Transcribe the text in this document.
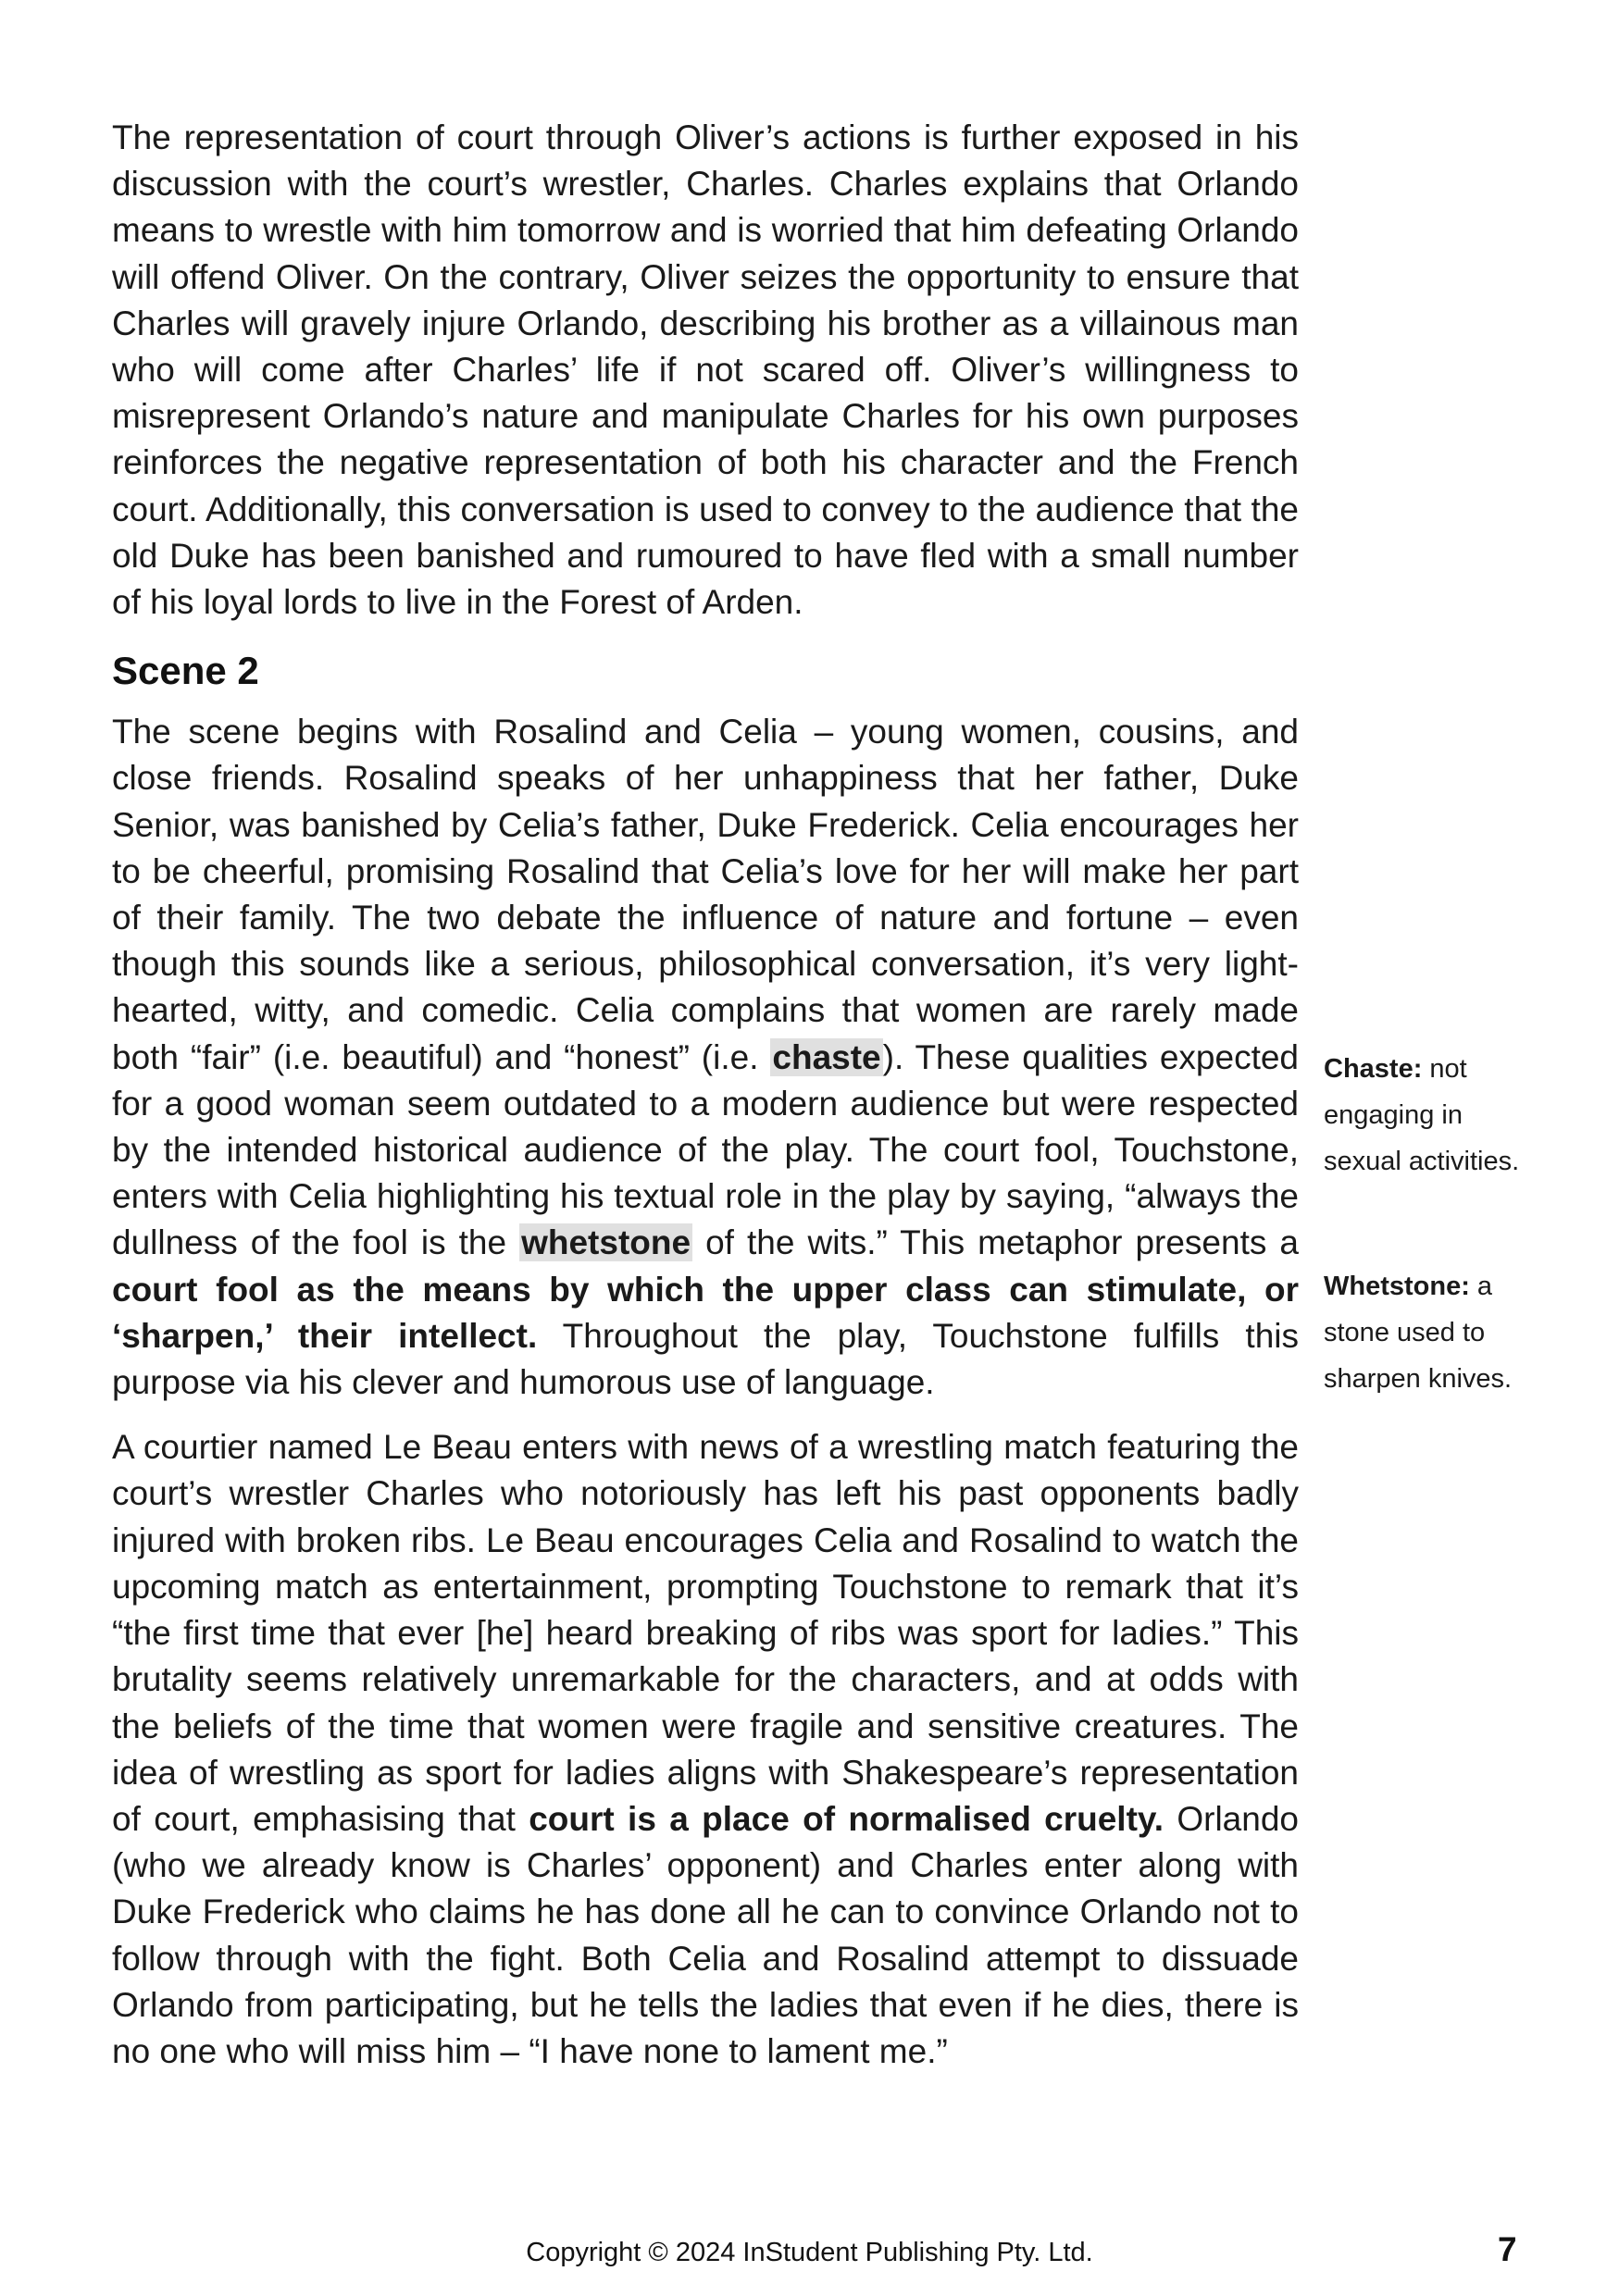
The representation of court through Oliver’s actions is further exposed in his discussion with the court’s wrestler, Charles. Charles explains that Orlando means to wrestle with him tomorrow and is worried that him defeating Orlando will offend Oliver. On the contrary, Oliver seizes the opportunity to ensure that Charles will gravely injure Orlando, describing his brother as a villainous man who will come after Charles’ life if not scared off. Oliver’s willingness to misrepresent Orlando’s nature and manipulate Charles for his own purposes reinforces the negative representation of both his character and the French court. Additionally, this conversation is used to convey to the audience that the old Duke has been banished and rumoured to have fled with a small number of his loyal lords to live in the Forest of Arden.

Scene 2

The scene begins with Rosalind and Celia – young women, cousins, and close friends. Rosalind speaks of her unhappiness that her father, Duke Senior, was banished by Celia’s father, Duke Frederick. Celia encourages her to be cheerful, promising Rosalind that Celia’s love for her will make her part of their family. The two debate the influence of nature and fortune – even though this sounds like a serious, philosophical conversation, it’s very light-hearted, witty, and comedic. Celia complains that women are rarely made both “fair” (i.e. beautiful) and “honest” (i.e. chaste). These qualities expected for a good woman seem outdated to a modern audience but were respected by the intended historical audience of the play. The court fool, Touchstone, enters with Celia highlighting his textual role in the play by saying, “always the dullness of the fool is the whetstone of the wits.” This metaphor presents a court fool as the means by which the upper class can stimulate, or ‘sharpen,’ their intellect. Throughout the play, Touchstone fulfills this purpose via his clever and humorous use of language.

A courtier named Le Beau enters with news of a wrestling match featuring the court’s wrestler Charles who notoriously has left his past opponents badly injured with broken ribs. Le Beau encourages Celia and Rosalind to watch the upcoming match as entertainment, prompting Touchstone to remark that it’s “the first time that ever [he] heard breaking of ribs was sport for ladies.” This brutality seems relatively unremarkable for the characters, and at odds with the beliefs of the time that women were fragile and sensitive creatures. The idea of wrestling as sport for ladies aligns with Shakespeare’s representation of court, emphasising that court is a place of normalised cruelty. Orlando (who we already know is Charles’ opponent) and Charles enter along with Duke Frederick who claims he has done all he can to convince Orlando not to follow through with the fight. Both Celia and Rosalind attempt to dissuade Orlando from participating, but he tells the ladies that even if he dies, there is no one who will miss him – “I have none to lament me.”

Chaste: not engaging in sexual activities.
Whetstone: a stone used to sharpen knives.
Copyright © 2024 InStudent Publishing Pty. Ltd.	7
